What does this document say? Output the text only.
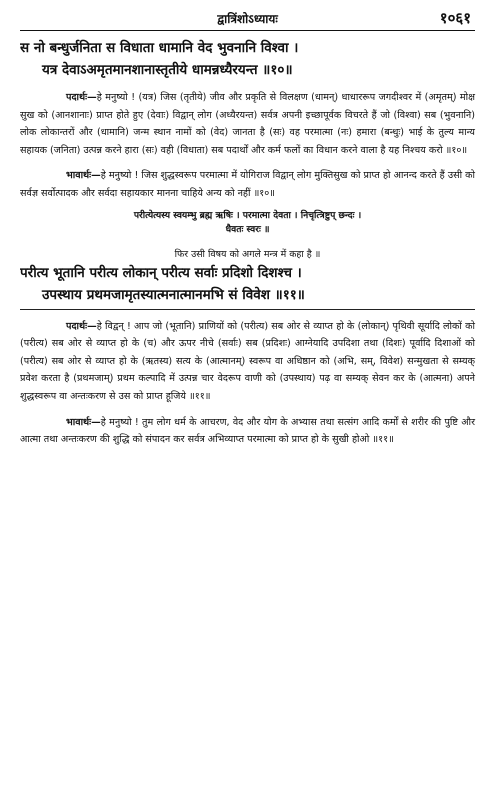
द्वात्रिंशोऽध्यायः	१०६१
स नो बन्धुर्जनिता स विधाता धामानि वेद भुवनानि विश्वा ।
यत्र देवाऽअमृतमानशानास्तृतीये धामन्नध्यैरयन्त ॥१०॥

पदार्थः—हे मनुष्यो ! (यत्र) जिस (तृतीये) जीव और प्रकृति से विलक्षण (धामन्) धाधाररूप जगदीश्वर में (अमृतम्) मोक्ष सुख को (आनशानाः) प्राप्त होते हुए (देवाः) विद्वान् लोग (अध्यैरयन्त) सर्वत्र अपनी इच्छापूर्वक विचरते हैं जो (विश्वा) सब (भुवनानि) लोक लोकान्तरों और (धामानि) जन्म स्थान नामों को (वेद) जानता है (सः) वह परमात्मा (नः) हमारा (बन्धुः) भाई के तुल्य मान्य सहायक (जनिता) उत्पन्न करने हारा (सः) वही (विधाता) सब पदार्थों और कर्म फलों का विधान करने वाला है यह निश्चय करो ॥१०॥

भावार्थः—हे मनुष्यो ! जिस शुद्धस्वरूप परमात्मा में योगिराज विद्वान् लोग मुक्तिसुख को प्राप्त हो आनन्द करते हैं उसी को सर्वज्ञ सर्वोत्पादक और सर्वदा सहायकार मानना चाहिये अन्य को नहीं ॥१०॥

परीत्येत्यस्य स्वयम्भु ब्रह्म ऋषिः । परमात्मा देवता । निचृत्त्रिष्टुप् छन्दः ।
धैवतः स्वरः ॥
फिर उसी विषय को अगले मन्त्र में कहा है ॥
परीत्य भूतानि परीत्य लोकान् परीत्य सर्वाः प्रदिशो दिशश्च ।
उपस्थाय प्रथमजामृतस्यात्मनात्मानमभि सं विवेश ॥११॥

पदार्थः—हे विद्वन् ! आप जो (भूतानि) प्राणियों को (परीत्य) सब ओर से व्याप्त हो के (लोकान्) पृथिवी सूर्यादि लोकों को (परीत्य) सब ओर से व्याप्त हो के (च) और ऊपर नीचे (सर्वाः) सब (प्रदिशः) आग्नेयादि उपदिशा तथा (दिशः) पूर्वादि दिशाओं को (परीत्य) सब ओर से व्याप्त हो के (ऋतस्य) सत्य के (आत्मानम्) स्वरूप वा अधिष्ठान को (अभि, सम्, विवेश) सन्मुखता से सम्यक् प्रवेश करता है (प्रथमजाम्) प्रथम कल्पादि में उत्पन्न चार वेदरूप वाणी को (उपस्थाय) पढ़ वा सम्यक् सेवन कर के (आत्मना) अपने शुद्धस्वरूप वा अन्तःकरण से उस को प्राप्त हूजिये ॥११॥

भावार्थः—हे मनुष्यो ! तुम लोग धर्म के आचरण, वेद और योग के अभ्यास तथा सत्संग आदि कर्मों से शरीर की पुष्टि और आत्मा तथा अन्तःकरण की शुद्धि को संपादन कर सर्वत्र अभिव्याप्त परमात्मा को प्राप्त हो के सुखी होओ ॥११॥
